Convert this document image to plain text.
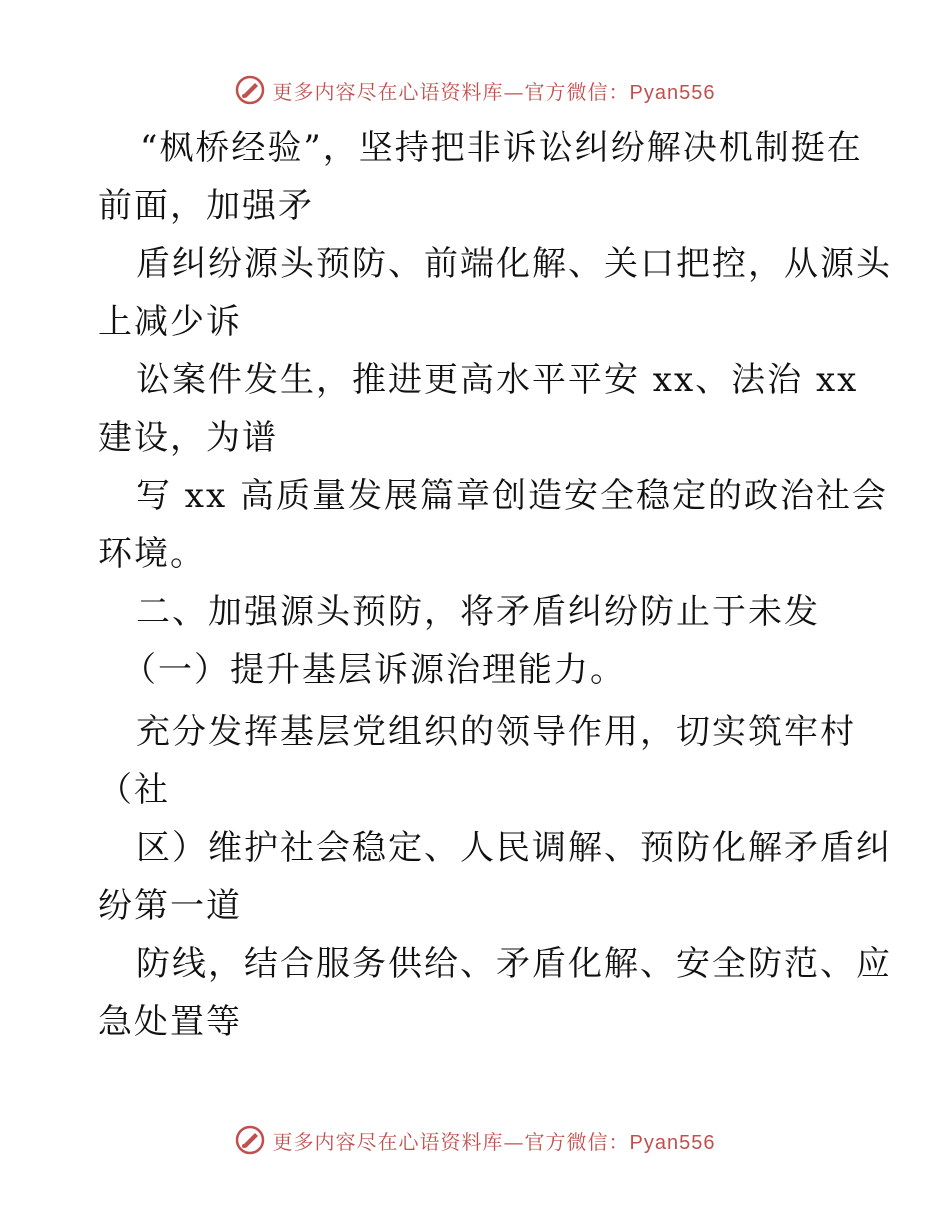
更多内容尽在心语资料库—官方微信：Pyan556
“枫桥经验”，坚持把非诉讼纠纷解决机制挺在
前面，加强矛
盾纠纷源头预防、前端化解、关口把控，从源头
上减少诉
讼案件发生，推进更高水平平安 xx、法治 xx
建设，为谱
写 xx 高质量发展篇章创造安全稳定的政治社会
环境。
二、加强源头预防，将矛盾纠纷防止于未发
（一）提升基层诉源治理能力。
充分发挥基层党组织的领导作用，切实筑牢村
（社
区）维护社会稳定、人民调解、预防化解矛盾纠
纷第一道
防线，结合服务供给、矛盾化解、安全防范、应
急处置等
更多内容尽在心语资料库—官方微信：Pyan556
